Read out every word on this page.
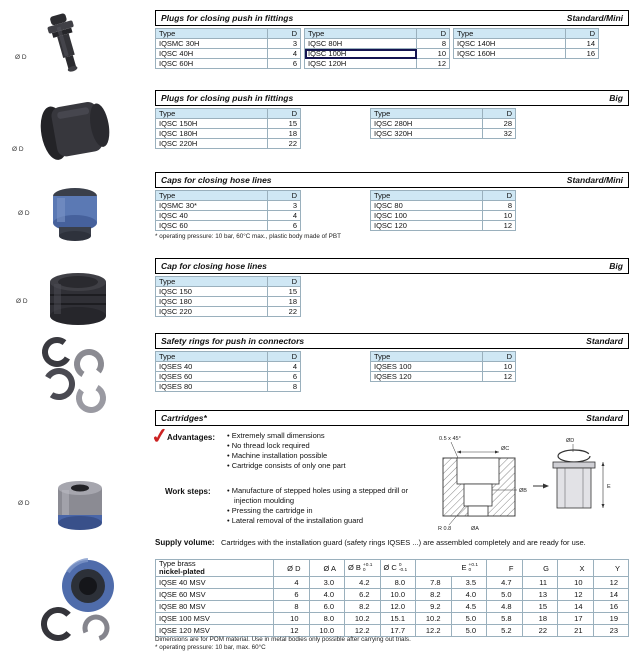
Ø D
Ø D
Ø D
Ø D
Ø D
Plugs for closing push in fittings	Standard/Mini
Type	D
IQSMC 30H	3
IQSC 40H	4
IQSC 60H	6
Type	D
IQSC 80H	8
IQSC 100H	10
IQSC 120H	12
Type	D
IQSC 140H	14
IQSC 160H	16
Plugs for closing push in fittings	Big
Type	D
IQSC 150H	15
IQSC 180H	18
IQSC 220H	22
Type	D
IQSC 280H	28
IQSC 320H	32
Caps for closing hose lines	Standard/Mini
Type	D
IQSMC 30*	3
IQSC 40	4
IQSC 60	6
Type	D
IQSC 80	8
IQSC 100	10
IQSC 120	12
* operating pressure: 10 bar, 60°C max., plastic body made of PBT
Cap for closing hose lines	Big
Type	D
IQSC 150	15
IQSC 180	18
IQSC 220	22
Safety rings for push in connectors	Standard
Type	D
IQSES 40	4
IQSES 60	6
IQSES 80	8
Type	D
IQSES 100	10
IQSES 120	12
Cartridges*	Standard
✓
Advantages:	• Extremely small dimensions
• No thread lock required
• Machine installation possible
• Cartridge consists of only one part
Work steps:	• Manufacture of stepped holes using a stepped drill or injection moulding
• Pressing the cartridge in
• Lateral removal of the installation guard
ØC
0.5 x 45°
ØB
R 0.8	ØA
ØD
E
Supply volume: Cartridges with the installation guard (safety rings IQSES ...) are assembled completely and are ready for use.
Type brass
nickel-plated	Ø D	Ø A	Ø B +0.1
0	Ø C 0
-0.1	E +0.1
0	F	G	X	Y
IQSE 40 MSV	4	3.0	4.2	8.0	7.8	3.5	4.7	11	10	12
IQSE 60 MSV	6	4.0	6.2	10.0	8.2	4.0	5.0	13	12	14
IQSE 80 MSV	8	6.0	8.2	12.0	9.2	4.5	4.8	15	14	16
IQSE 100 MSV	10	8.0	10.2	15.1	10.2	5.0	5.8	18	17	19
IQSE 120 MSV	12	10.0	12.2	17.7	12.2	5.0	5.2	22	21	23
Dimensions are for POM material. Use in metal bodies only possible after carrying out trials.
* operating pressure: 10 bar, max. 60°C
